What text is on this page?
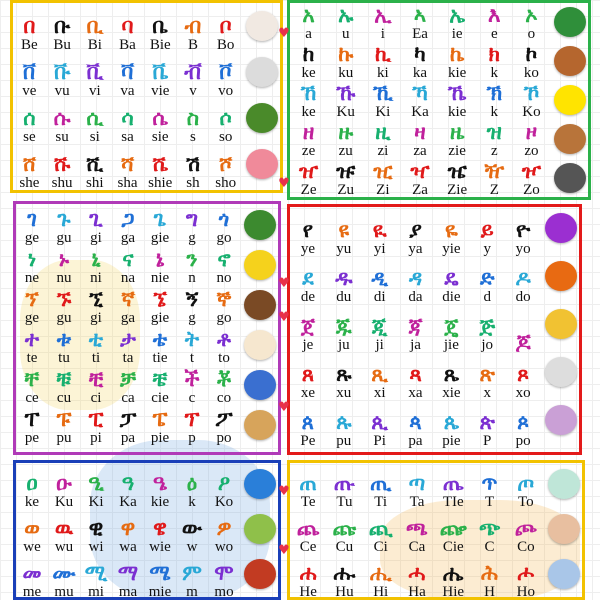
በ
Be
ቡ
Bu
ቢ
Bi
ባ
Ba
ቤ
Bie
ብ
B
ቦ
Bo
ቨ
ve
ቩ
vu
ቪ
vi
ቫ
va
ቬ
vie
ቭ
v
ቮ
vo
ሰ
se
ሱ
su
ሲ
si
ሳ
sa
ሴ
sie
ስ
s
ሶ
so
ሸ
she
ሹ
shu
ሺ
shi
ሻ
sha
ሼ
shie
ሽ
sh
ሾ
sho
አ
a
ኡ
u
ኢ
i
ኣ
Ea
ኤ
ie
እ
e
ኦ
o
ከ
ke
ኩ
ku
ኪ
ki
ካ
ka
ኬ
kie
ክ
k
ኮ
ko
ኸ
ke
ኹ
Ku
ኺ
Ki
ኻ
Ka
ኼ
kie
ኽ
k
ኾ
Ko
ዘ
ze
ዙ
zu
ዚ
zi
ዛ
za
ዜ
zie
ዝ
z
ዞ
zo
ዠ
Ze
ዡ
Zu
ዢ
Zi
ዣ
Za
ዤ
Zie
ዥ
Z
ዦ
Zo
ገ
ge
ጉ
gu
ጊ
gi
ጋ
ga
ጌ
gie
ግ
g
ጎ
go
ነ
ne
ኑ
nu
ኒ
ni
ና
na
ኔ
nie
ን
n
ኖ
no
ኘ
ge
ኙ
gu
ኚ
gi
ኛ
ga
ኜ
gie
ኝ
g
ኞ
go
ተ
te
ቱ
tu
ቲ
ti
ታ
ta
ቴ
tie
ት
t
ቶ
to
ቸ
ce
ቹ
cu
ቺ
ci
ቻ
ca
ቼ
cie
ች
c
ቾ
co
ፐ
pe
ፑ
pu
ፒ
pi
ፓ
pa
ፔ
pie
ፕ
p
ፖ
po
የ
ye
ዩ
yu
ዪ
yi
ያ
ya
ዬ
yie
ይ
y
ዮ
yo
ደ
de
ዱ
du
ዲ
di
ዳ
da
ዴ
die
ድ
d
ዶ
do
ጀ
je
ጁ
ju
ጂ
ji
ጃ
ja
ጄ
jie
ጅ
jo ጆ
ጸ
xe
ጹ
xu
ጺ
xi
ጻ
xa
ጼ
xie
ጽ
x
ጾ
xo
ጰ
Pe
ጱ
pu
ጲ
Pi
ጳ
pa
ጴ
pie
ጵ
P
ጶ
po
ዐ
ke
ዑ
Ku
ዒ
Ki
ዓ
Ka
ዔ
kie
ዕ
k
ዖ
Ko
ወ
we
ዉ
wu
ዊ
wi
ዋ
wa
ዌ
wie
ው
w
ዎ
wo
መ
me
ሙ
mu
ሚ
mi
ማ
ma
ሜ
mie
ም
m
ሞ
mo
ጠ
Te
ጡ
Tu
ጢ
Ti
ጣ
Ta
ጤ
TIe
ጥ
T
ጦ
To
ጨ
Ce
ጩ
Cu
ጪ
Ci
ጫ
Ca
ጬ
Cie
ጭ
C
ጮ
Co
ሐ
He
ሑ
Hu
ሒ
Hi
ሓ
Ha
ሔ
Hie
ሕ
H
ሖ
Ho
♥
♥
♥
♥
♥
♥
♥
